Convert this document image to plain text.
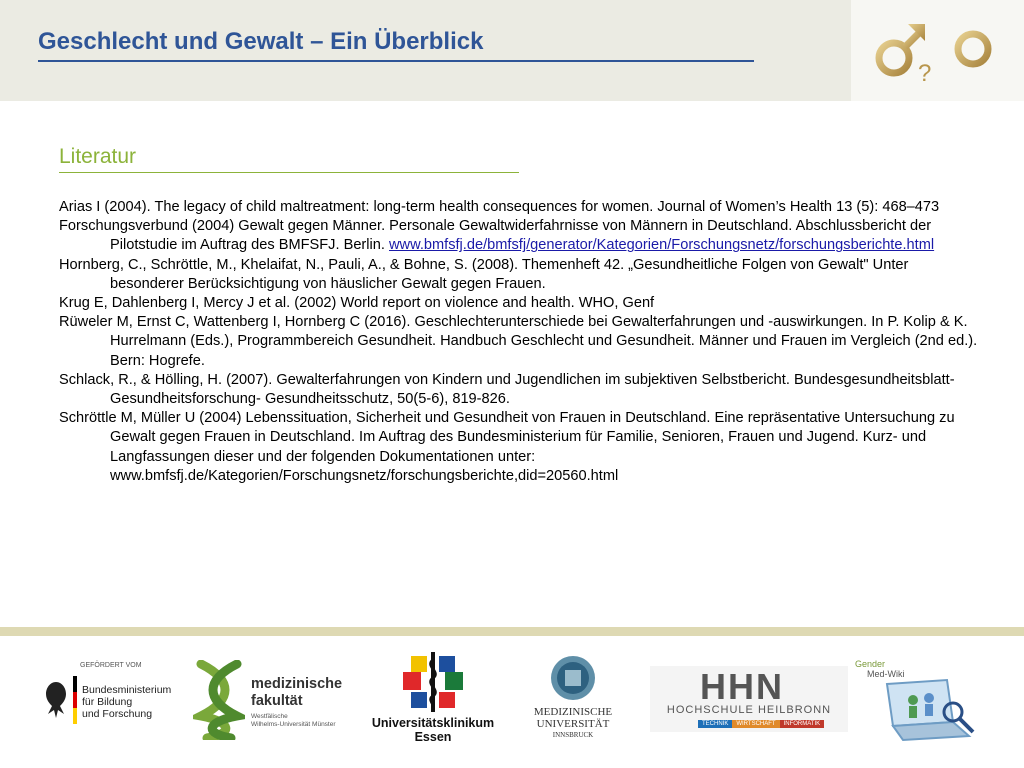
Geschlecht und Gewalt – Ein Überblick
?
Literatur

Arias I (2004). The legacy of child maltreatment: long-term health consequences for women. Journal of Women’s Health 13 (5): 468–473

Forschungsverbund (2004) Gewalt gegen Männer. Personale Gewaltwiderfahrnisse von Männern in Deutschland. Abschlussbericht der Pilotstudie im Auftrag des BMFSFJ. Berlin. www.bmfsfj.de/bmfsfj/generator/Kategorien/Forschungsnetz/forschungsberichte.html

Hornberg, C., Schröttle, M., Khelaifat, N., Pauli, A., & Bohne, S. (2008). Themenheft 42. „Gesundheitliche Folgen von Gewalt" Unter besonderer Berücksichtigung von häuslicher Gewalt gegen Frauen.

Krug E, Dahlenberg I, Mercy J et al. (2002) World report on violence and health. WHO, Genf

Rüweler M, Ernst C, Wattenberg I, Hornberg C (2016). Geschlechterunterschiede bei Gewalterfahrungen und -auswirkungen. In P. Kolip & K. Hurrelmann (Eds.), Programmbereich Gesundheit. Handbuch Geschlecht und Gesundheit. Männer und Frauen im Vergleich (2nd ed.). Bern: Hogrefe.

Schlack, R., & Hölling, H. (2007). Gewalterfahrungen von Kindern und Jugendlichen im subjektiven Selbstbericht. Bundesgesundheitsblatt-Gesundheitsforschung- Gesundheitsschutz, 50(5-6), 819-826.

Schröttle M, Müller U (2004) Lebenssituation, Sicherheit und Gesundheit von Frauen in Deutschland. Eine repräsentative Untersuchung zu Gewalt gegen Frauen in Deutschland. Im Auftrag des Bundesministerium für Familie, Senioren, Frauen und Jugend. Kurz- und Langfassungen dieser und der folgenden Dokumentationen unter: www.bmfsfj.de/Kategorien/Forschungsnetz/forschungsberichte,did=20560.html

GEFÖRDERT VOM
Bundesministerium
für Bildung
und Forschung
medizinische
fakultät
Westfälische
Wilhelms-Universität Münster	Universitätsklinikum
Essen
MEDIZINISCHE
UNIVERSITÄT
INNSBRUCK
HHN
HOCHSCHULE HEILBRONN
TECHNIK	WIRTSCHAFT	INFORMATIK
Gender
Med-Wiki
